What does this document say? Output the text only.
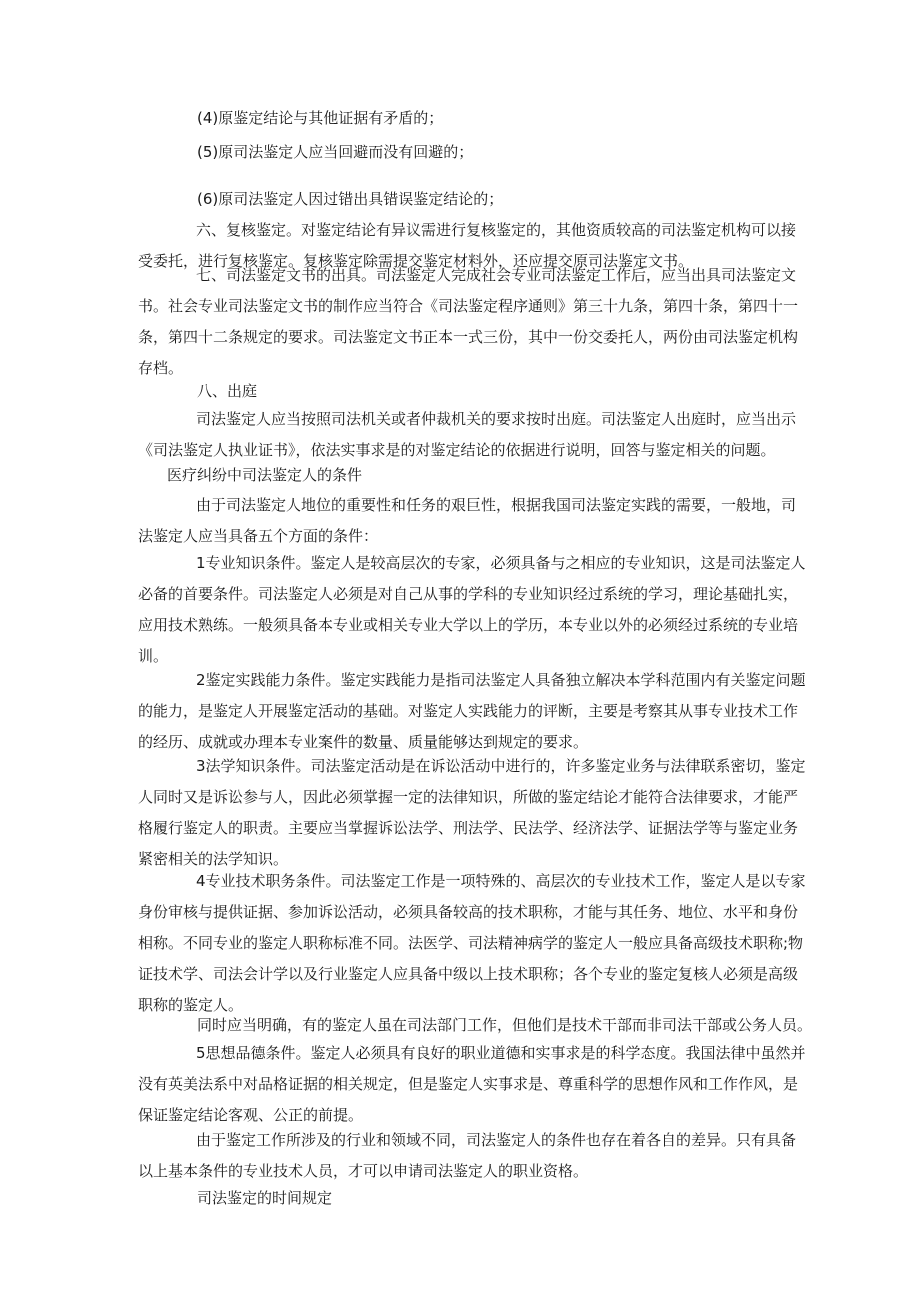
(4)原鉴定结论与其他证据有矛盾的；
(5)原司法鉴定人应当回避而没有回避的；
(6)原司法鉴定人因过错出具错误鉴定结论的；
六、复核鉴定。对鉴定结论有异议需进行复核鉴定的，其他资质较高的司法鉴定机构可以接
受委托，进行复核鉴定。复核鉴定除需提交鉴定材料外，还应提交原司法鉴定文书。
七、司法鉴定文书的出具。司法鉴定人完成社会专业司法鉴定工作后，应当出具司法鉴定文
书。社会专业司法鉴定文书的制作应当符合《司法鉴定程序通则》第三十九条，第四十条，第四十一
条，第四十二条规定的要求。司法鉴定文书正本一式三份，其中一份交委托人，两份由司法鉴定机构
存档。
八、出庭
司法鉴定人应当按照司法机关或者仲裁机关的要求按时出庭。司法鉴定人出庭时，应当出示
《司法鉴定人执业证书》，依法实事求是的对鉴定结论的依据进行说明，回答与鉴定相关的问题。
医疗纠纷中司法鉴定人的条件
由于司法鉴定人地位的重要性和任务的艰巨性，根据我国司法鉴定实践的需要，一般地，司
法鉴定人应当具备五个方面的条件：
1专业知识条件。鉴定人是较高层次的专家，必须具备与之相应的专业知识，这是司法鉴定人
必备的首要条件。司法鉴定人必须是对自己从事的学科的专业知识经过系统的学习，理论基础扎实，
应用技术熟练。一般须具备本专业或相关专业大学以上的学历，本专业以外的必须经过系统的专业培
训。
2鉴定实践能力条件。鉴定实践能力是指司法鉴定人具备独立解决本学科范围内有关鉴定问题
的能力，是鉴定人开展鉴定活动的基础。对鉴定人实践能力的评断，主要是考察其从事专业技术工作
的经历、成就或办理本专业案件的数量、质量能够达到规定的要求。
3法学知识条件。司法鉴定活动是在诉讼活动中进行的，许多鉴定业务与法律联系密切，鉴定
人同时又是诉讼参与人，因此必须掌握一定的法律知识，所做的鉴定结论才能符合法律要求，才能严
格履行鉴定人的职责。主要应当掌握诉讼法学、刑法学、民法学、经济法学、证据法学等与鉴定业务
紧密相关的法学知识。
4专业技术职务条件。司法鉴定工作是一项特殊的、高层次的专业技术工作，鉴定人是以专家
身份审核与提供证据、参加诉讼活动，必须具备较高的技术职称，才能与其任务、地位、水平和身份
相称。不同专业的鉴定人职称标准不同。法医学、司法精神病学的鉴定人一般应具备高级技术职称;物
证技术学、司法会计学以及行业鉴定人应具备中级以上技术职称；各个专业的鉴定复核人必须是高级
职称的鉴定人。
同时应当明确，有的鉴定人虽在司法部门工作，但他们是技术干部而非司法干部或公务人员。
5思想品德条件。鉴定人必须具有良好的职业道德和实事求是的科学态度。我国法律中虽然并
没有英美法系中对品格证据的相关规定，但是鉴定人实事求是、尊重科学的思想作风和工作作风，是
保证鉴定结论客观、公正的前提。
由于鉴定工作所涉及的行业和领域不同，司法鉴定人的条件也存在着各自的差异。只有具备
以上基本条件的专业技术人员，才可以申请司法鉴定人的职业资格。
司法鉴定的时间规定
